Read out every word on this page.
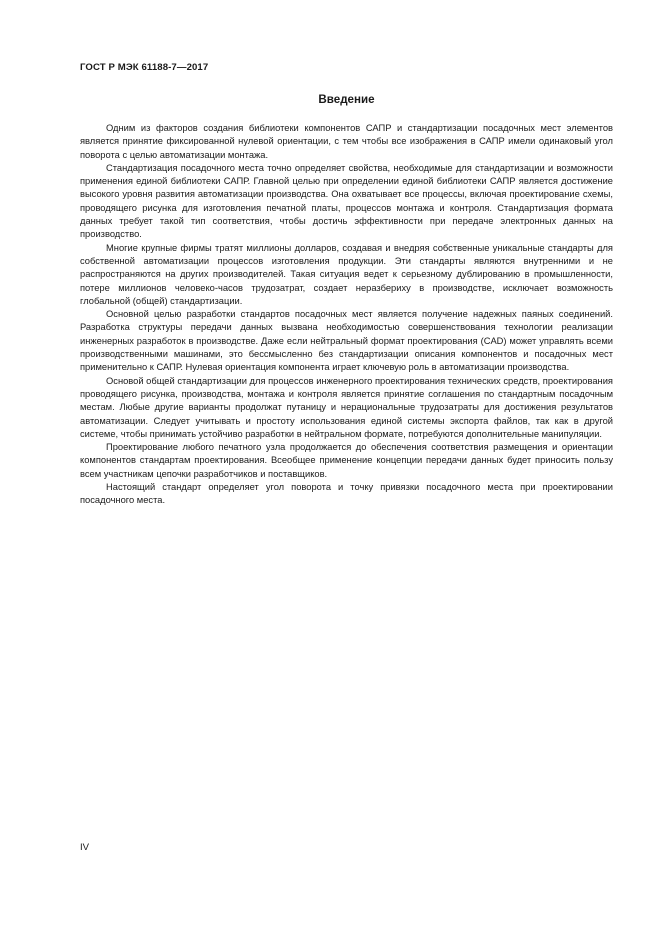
ГОСТ Р МЭК 61188-7—2017
Введение

Одним из факторов создания библиотеки компонентов САПР и стандартизации посадочных мест элементов является принятие фиксированной нулевой ориентации, с тем чтобы все изображения в САПР имели одинаковый угол поворота с целью автоматизации монтажа.

Стандартизация посадочного места точно определяет свойства, необходимые для стандартизации и возможности применения единой библиотеки САПР. Главной целью при определении единой библиотеки САПР является достижение высокого уровня развития автоматизации производства. Она охватывает все процессы, включая проектирование схемы, проводящего рисунка для изготовления печатной платы, процессов монтажа и контроля. Стандартизация формата данных требует такой тип соответствия, чтобы достичь эффективности при передаче электронных данных на производство.

Многие крупные фирмы тратят миллионы долларов, создавая и внедряя собственные уникальные стандарты для собственной автоматизации процессов изготовления продукции. Эти стандарты являются внутренними и не распространяются на других производителей. Такая ситуация ведет к серьезному дублированию в промышленности, потере миллионов человеко-часов трудозатрат, создает неразбериху в производстве, исключает возможность глобальной (общей) стандартизации.

Основной целью разработки стандартов посадочных мест является получение надежных паяных соединений. Разработка структуры передачи данных вызвана необходимостью совершенствования технологии реализации инженерных разработок в производстве. Даже если нейтральный формат проектирования (CAD) может управлять всеми производственными машинами, это бессмысленно без стандартизации описания компонентов и посадочных мест применительно к САПР. Нулевая ориентация компонента играет ключевую роль в автоматизации производства.

Основой общей стандартизации для процессов инженерного проектирования технических средств, проектирования проводящего рисунка, производства, монтажа и контроля является принятие соглашения по стандартным посадочным местам. Любые другие варианты продолжат путаницу и нерациональные трудозатраты для достижения результатов автоматизации. Следует учитывать и простоту использования единой системы экспорта файлов, так как в другой системе, чтобы принимать устойчиво разработки в нейтральном формате, потребуются дополнительные манипуляции.

Проектирование любого печатного узла продолжается до обеспечения соответствия размещения и ориентации компонентов стандартам проектирования. Всеобщее применение концепции передачи данных будет приносить пользу всем участникам цепочки разработчиков и поставщиков.

Настоящий стандарт определяет угол поворота и точку привязки посадочного места при проектировании посадочного места.

IV
